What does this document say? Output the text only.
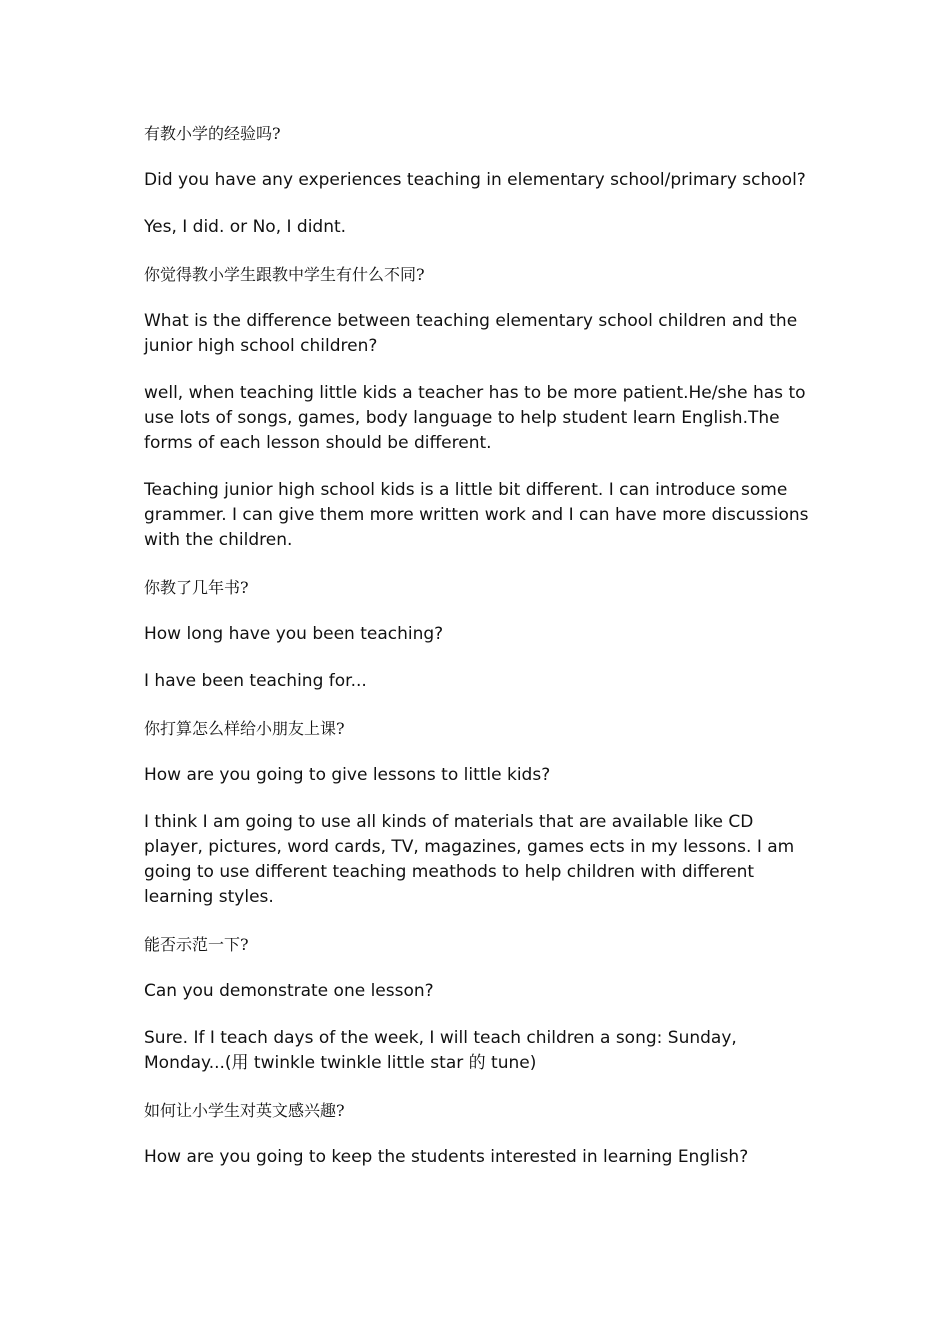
有教小学的经验吗?

Did you have any experiences teaching in elementary school/primary school?

Yes, I did. or No, I didnt.

你觉得教小学生跟教中学生有什么不同?

What is the difference between teaching elementary school children and the junior high school children?

well, when teaching little kids a teacher has to be more patient.He/she has to use lots of songs, games, body language to help student learn English.The forms of each lesson should be different.

Teaching junior high school kids is a little bit different. I can introduce some grammer. I can give them more written work and I can have more discussions with the children.

你教了几年书?

How long have you been teaching?

I have been teaching for...

你打算怎么样给小朋友上课?

How are you going to give lessons to little kids?

I think I am going to use all kinds of materials that are available like CD player, pictures, word cards, TV, magazines, games ects in my lessons. I am going to use different teaching meathods to help children with different learning styles.

能否示范一下?

Can you demonstrate one lesson?

Sure. If I teach days of the week, I will teach children a song: Sunday, Monday...(用 twinkle twinkle little star 的 tune)

如何让小学生对英文感兴趣?

How are you going to keep the students interested in learning English?
